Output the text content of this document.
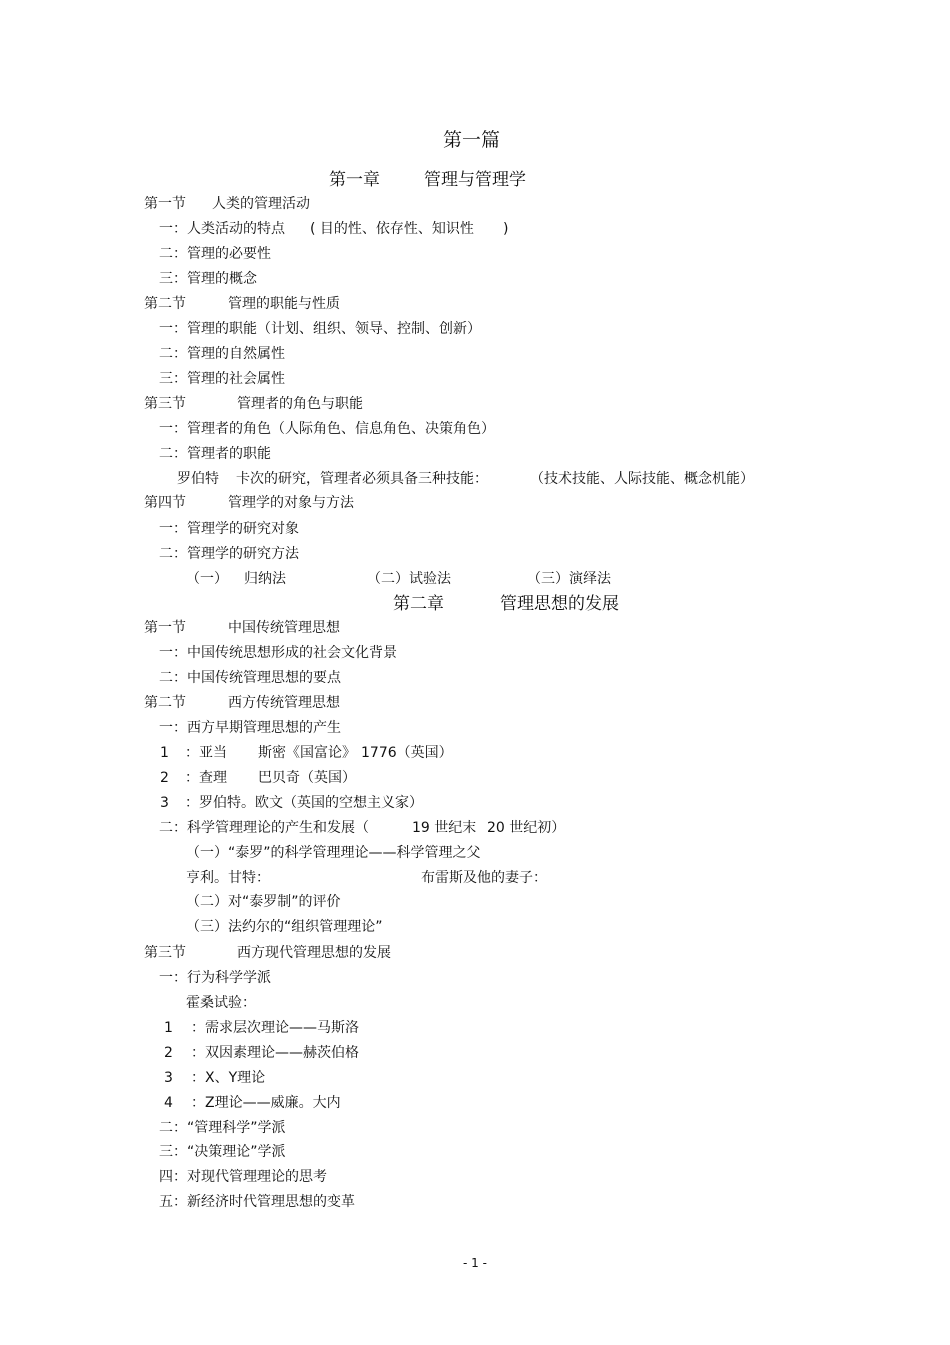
第一篇
第一章	管理与管理学
第一节 人类的管理活动
一：人类活动的特点 ( 目的性、依存性、知识性 )
二：管理的必要性
三：管理的概念
第二节	管理的职能与性质
一：管理的职能（计划、组织、领导、控制、创新）
二：管理的自然属性
三：管理的社会属性
第三节	管理者的角色与职能
一：管理者的角色（人际角色、信息角色、决策角色）
二：管理者的职能
罗伯特 卡次的研究，管理者必须具备三种技能：	（技术技能、人际技能、概念机能）
第四节	管理学的对象与方法
一：管理学的研究对象
二：管理学的研究方法
（一） 归纳法	（二）试验法	（三）演绎法
第二章	管理思想的发展
第一节	中国传统管理思想
一：中国传统思想形成的社会文化背景
二：中国传统管理思想的要点
第二节	西方传统管理思想
一：西方早期管理思想的产生
1 ：亚当 斯密《国富论》 1776（英国）
2 ：查理 巴贝奇（英国）
3 ：罗伯特。欧文（英国的空想主义家）
二：科学管理理论的产生和发展（	19 世纪末 20 世纪初）
（一）“泰罗”的科学管理理论——科学管理之父
亨利。甘特：	布雷斯及他的妻子：
（二）对“泰罗制”的评价
（三）法约尔的“组织管理理论”
第三节	西方现代管理思想的发展
一：行为科学学派
霍桑试验：
1 ：需求层次理论——马斯洛
2 ：双因素理论——赫茨伯格
3 ：X、Y理论
4 ：Z理论——威廉。大内
二：“管理科学”学派
三：“决策理论”学派
四：对现代管理理论的思考
五：新经济时代管理思想的变革
- 1 -
